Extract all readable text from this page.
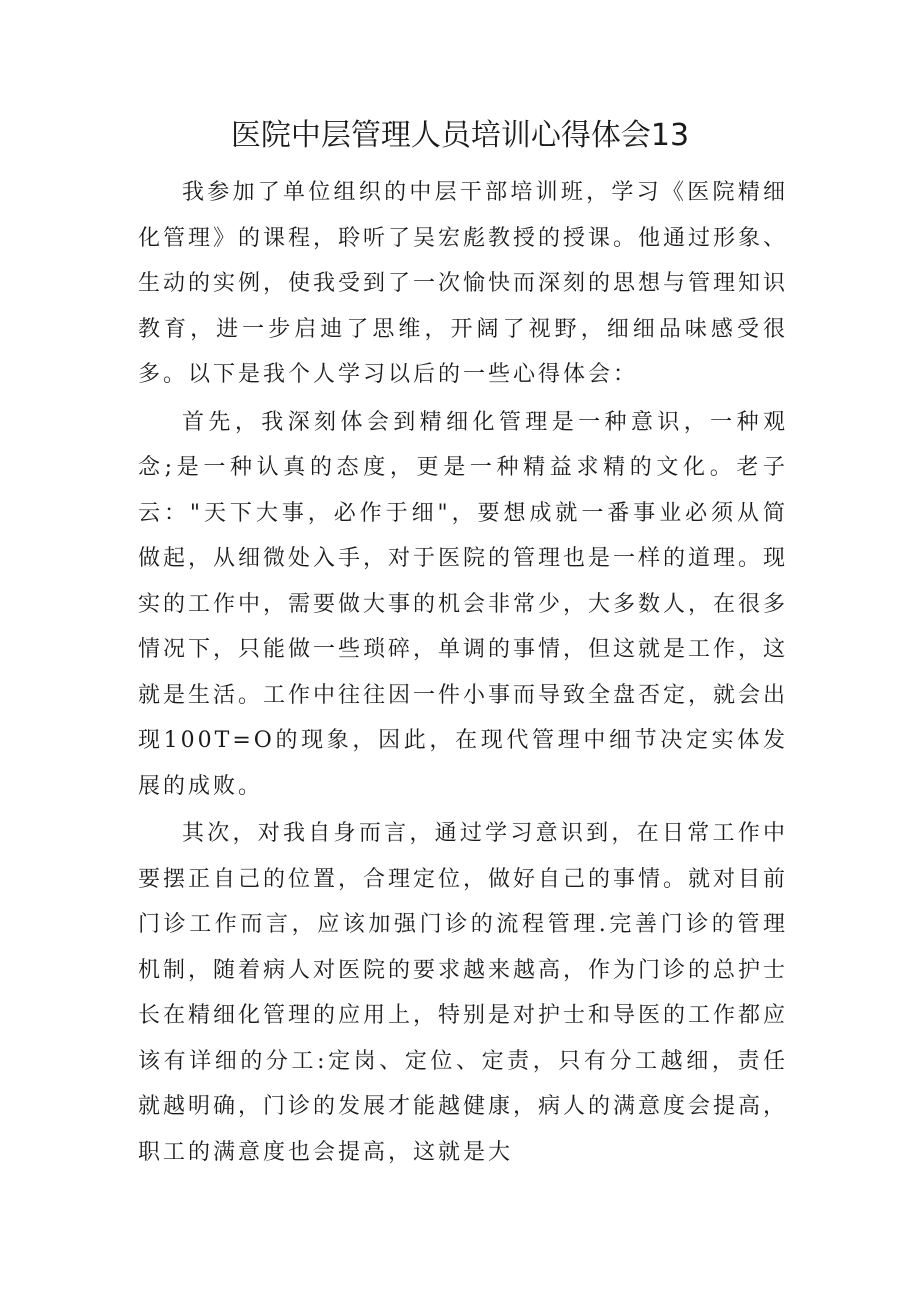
医院中层管理人员培训心得体会13

我参加了单位组织的中层干部培训班，学习《医院精细化管理》的课程，聆听了吴宏彪教授的授课。他通过形象、生动的实例，使我受到了一次愉快而深刻的思想与管理知识教育，进一步启迪了思维，开阔了视野，细细品味感受很多。以下是我个人学习以后的一些心得体会：

首先，我深刻体会到精细化管理是一种意识，一种观念;是一种认真的态度，更是一种精益求精的文化。老子云："天下大事，必作于细"，要想成就一番事业必须从简做起，从细微处入手，对于医院的管理也是一样的道理。现实的工作中，需要做大事的机会非常少，大多数人，在很多情况下，只能做一些琐碎，单调的事情，但这就是工作，这就是生活。工作中往往因一件小事而导致全盘否定，就会出现100T=O的现象，因此，在现代管理中细节决定实体发展的成败。

其次，对我自身而言，通过学习意识到，在日常工作中要摆正自己的位置，合理定位，做好自己的事情。就对目前门诊工作而言，应该加强门诊的流程管理.完善门诊的管理机制，随着病人对医院的要求越来越高，作为门诊的总护士长在精细化管理的应用上，特别是对护士和导医的工作都应该有详细的分工:定岗、定位、定责，只有分工越细，责任就越明确，门诊的发展才能越健康，病人的满意度会提高，职工的满意度也会提高，这就是大
